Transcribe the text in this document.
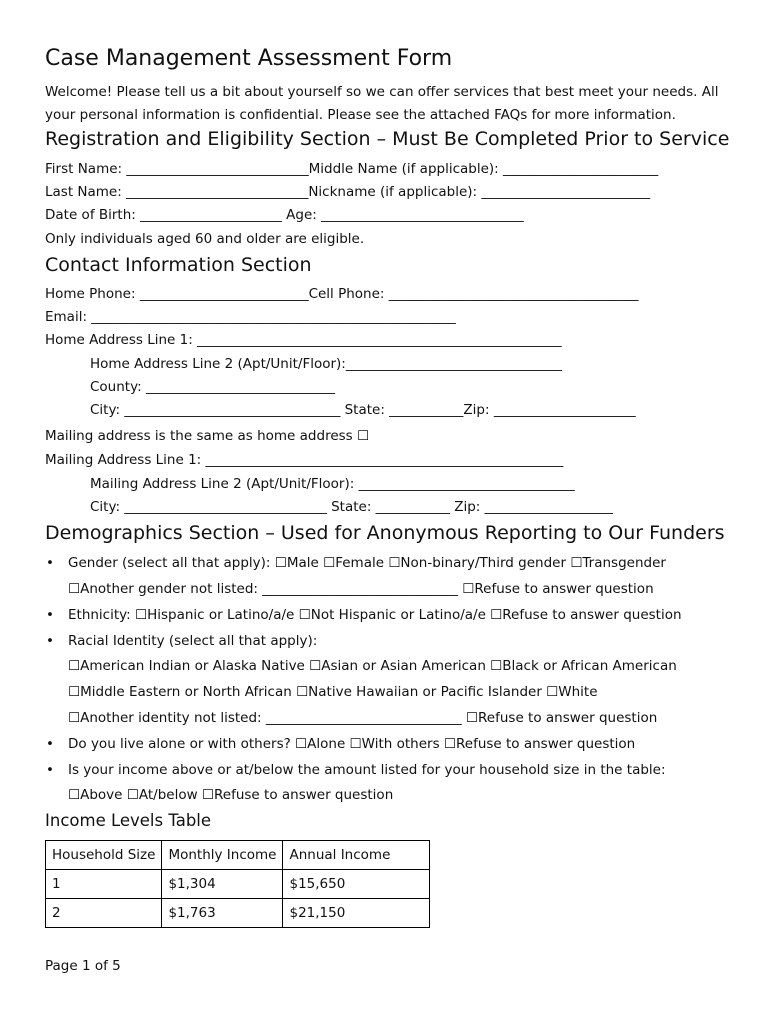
Case Management Assessment Form
Welcome! Please tell us a bit about yourself so we can offer services that best meet your needs. All
your personal information is confidential. Please see the attached FAQs for more information.
Registration and Eligibility Section – Must Be Completed Prior to Service
First Name: ___________________________Middle Name (if applicable): _______________________
Last Name: ___________________________Nickname (if applicable): _________________________
Date of Birth: _____________________ Age: ______________________________
Only individuals aged 60 and older are eligible.
Contact Information Section
Home Phone: _________________________Cell Phone: _____________________________________
Email: ______________________________________________________
Home Address Line 1: ______________________________________________________
Home Address Line 2 (Apt/Unit/Floor):________________________________
County: ____________________________
City: ________________________________ State: ___________Zip: _____________________
Mailing address is the same as home address ☐
Mailing Address Line 1: _____________________________________________________
Mailing Address Line 2 (Apt/Unit/Floor): ________________________________
City: ______________________________ State: ___________ Zip: ___________________
Demographics Section – Used for Anonymous Reporting to Our Funders
• Gender (select all that apply): ☐Male ☐Female ☐Non-binary/Third gender ☐Transgender
☐Another gender not listed: _____________________________ ☐Refuse to answer question
• Ethnicity: ☐Hispanic or Latino/a/e ☐Not Hispanic or Latino/a/e ☐Refuse to answer question
• Racial Identity (select all that apply):
☐American Indian or Alaska Native ☐Asian or Asian American ☐Black or African American
☐Middle Eastern or North African ☐Native Hawaiian or Pacific Islander ☐White
☐Another identity not listed: _____________________________ ☐Refuse to answer question
• Do you live alone or with others? ☐Alone ☐With others ☐Refuse to answer question
• Is your income above or at/below the amount listed for your household size in the table:
☐Above ☐At/below ☐Refuse to answer question
Income Levels Table
Household Size	Monthly Income	Annual Income
1	$1,304	$15,650
2	$1,763	$21,150
Page 1 of 5
